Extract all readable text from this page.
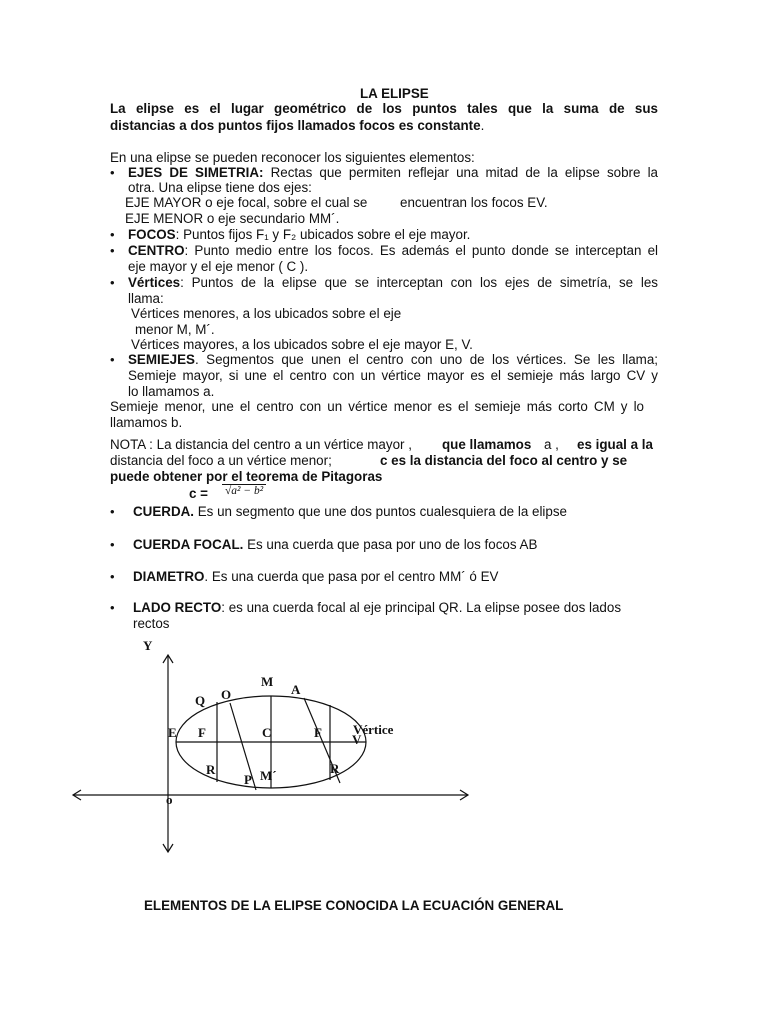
LA ELIPSE
La elipse es el lugar geométrico de los puntos tales que la suma de sus
distancias a dos puntos fijos llamados focos es constante.
En una elipse se pueden reconocer los siguientes elementos:
• EJES DE SIMETRIA: Rectas que permiten reflejar una mitad de la elipse sobre la
otra. Una elipse tiene dos ejes:
EJE MAYOR o eje focal, sobre el cual se encuentran los focos EV.
EJE MENOR o eje secundario MM´.
• FOCOS: Puntos fijos F₁ y F₂ ubicados sobre el eje mayor.
• CENTRO: Punto medio entre los focos. Es además el punto donde se interceptan el
eje mayor y el eje menor ( C ).
• Vértices: Puntos de la elipse que se interceptan con los ejes de simetría, se les
llama:
Vértices menores, a los ubicados sobre el eje
menor M, M´.
Vértices mayores, a los ubicados sobre el eje mayor E, V.
• SEMIEJES. Segmentos que unen el centro con uno de los vértices. Se les llama;
Semieje mayor, si une el centro con un vértice mayor es el semieje más largo CV y
lo llamamos a.
Semieje menor, une el centro con un vértice menor es el semieje más corto CM y lo
llamamos b.
NOTA : La distancia del centro a un vértice mayor , que llamamos a , es igual a la
distancia del foco a un vértice menor;	c es la distancia del foco al centro y se
puede obtener por el teorema de Pitagoras
c = √a² − b²
• CUERDA. Es un segmento que une dos puntos cualesquiera de la elipse
• CUERDA FOCAL. Es una cuerda que pasa por uno de los focos AB
• DIAMETRO. Es una cuerda que pasa por el centro MM´ ó EV
• LADO RECTO: es una cuerda focal al eje principal QR. La elipse posee dos lados
rectos
Y
O
M
A
Q
E F	C	F Vértice
V
R
P M´	R
o
ELEMENTOS DE LA ELIPSE CONOCIDA LA ECUACIÓN GENERAL
